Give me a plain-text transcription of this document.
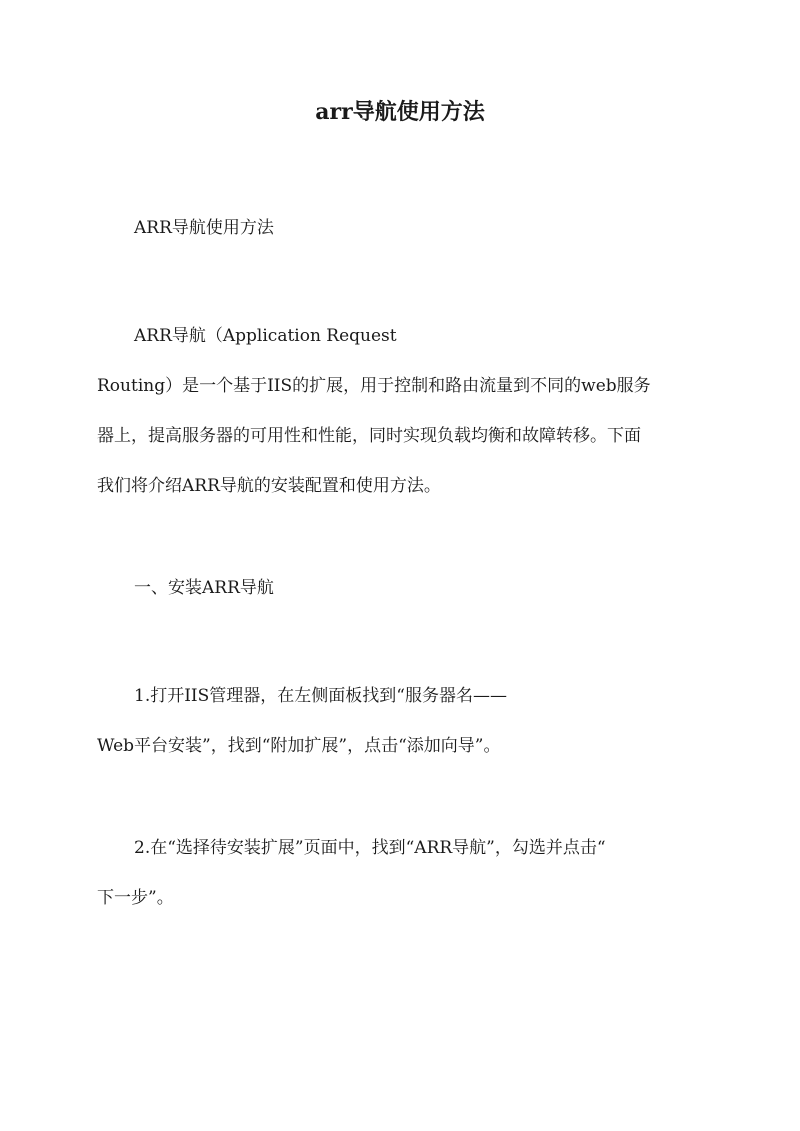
arr导航使用方法
ARR导航使用方法
ARR导航（Application Request
Routing）是一个基于IIS的扩展，用于控制和路由流量到不同的web服务
器上，提高服务器的可用性和性能，同时实现负载均衡和故障转移。下面
我们将介绍ARR导航的安装配置和使用方法。
一、安装ARR导航
1.打开IIS管理器，在左侧面板找到“服务器名——
Web平台安装”，找到“附加扩展”，点击“添加向导”。
2.在“选择待安装扩展”页面中，找到“ARR导航”，勾选并点击“
下一步”。
